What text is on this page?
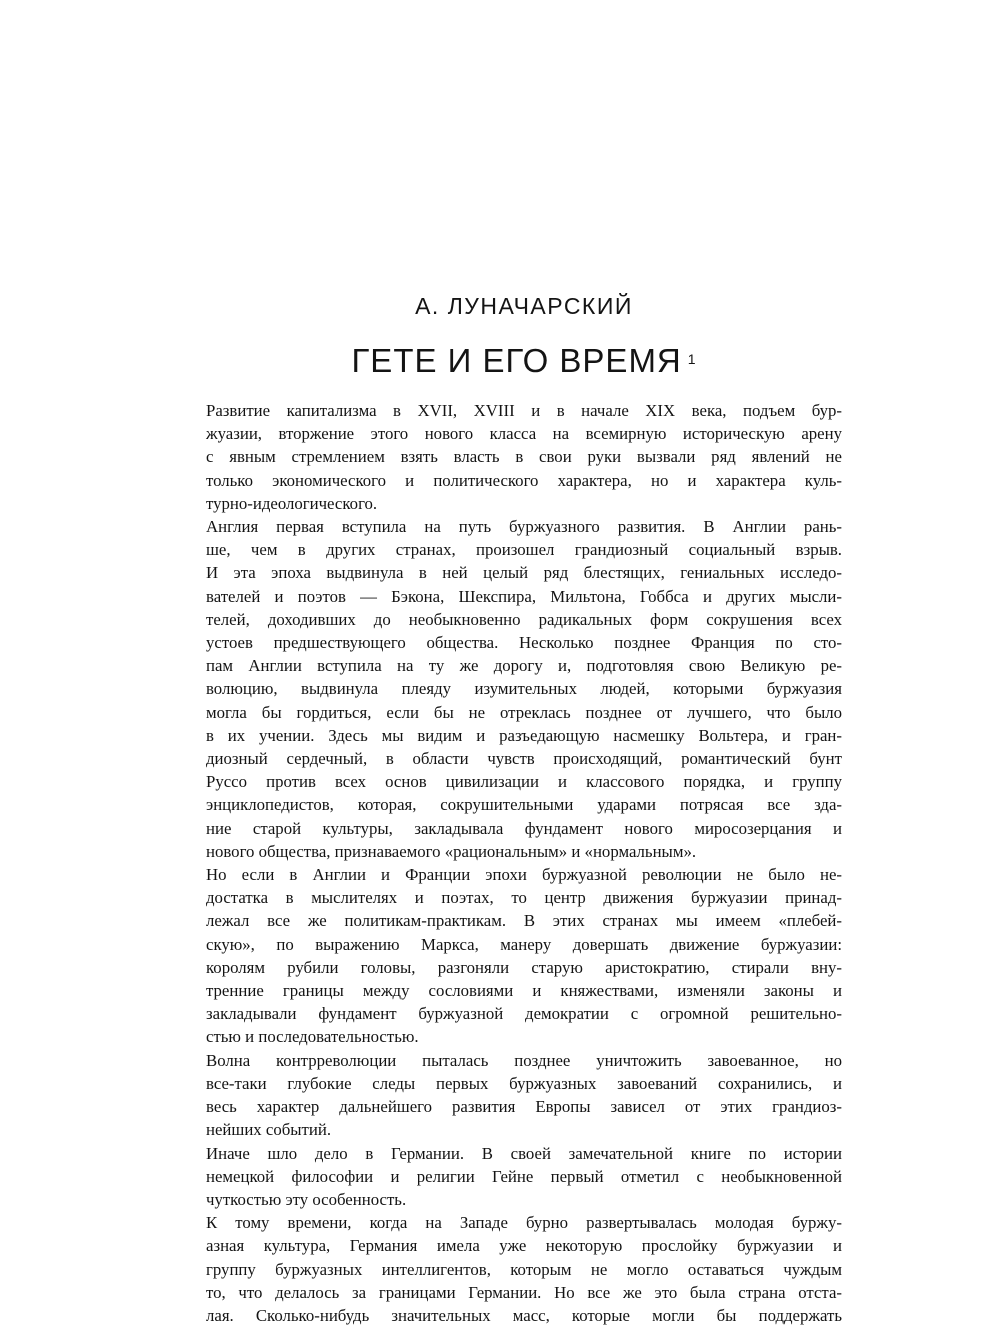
А. ЛУНАЧАРСКИЙ
ГЕТЕ И ЕГО ВРЕМЯ $^1$

Развитие капитализма в XVII, XVIII и в начале XIX века, подъем бур-
жуазии, вторжение этого нового класса на всемирную историческую арену
с явным стремлением взять власть в свои руки вызвали ряд явлений не
только экономического и политического характера, но и характера куль-
турно-идеологического.

Англия первая вступила на путь буржуазного развития. В Англии рань-
ше, чем в других странах, произошел грандиозный социальный взрыв.
И эта эпоха выдвинула в ней целый ряд блестящих, гениальных исследо-
вателей и поэтов — Бэкона, Шекспира, Мильтона, Гоббса и других мысли-
телей, доходивших до необыкновенно радикальных форм сокрушения всех
устоев предшествующего общества. Несколько позднее Франция по сто-
пам Англии вступила на ту же дорогу и, подготовляя свою Великую ре-
волюцию, выдвинула плеяду изумительных людей, которыми буржуазия
могла бы гордиться, если бы не отреклась позднее от лучшего, что было
в их учении. Здесь мы видим и разъедающую насмешку Вольтера, и гран-
диозный сердечный, в области чувств происходящий, романтический бунт
Руссо против всех основ цивилизации и классового порядка, и группу
энциклопедистов, которая, сокрушительными ударами потрясая все зда-
ние старой культуры, закладывала фундамент нового миросозерцания и
нового общества, признаваемого «рациональным» и «нормальным».

Но если в Англии и Франции эпохи буржуазной революции не было не-
достатка в мыслителях и поэтах, то центр движения буржуазии принад-
лежал все же политикам-практикам. В этих странах мы имеем «плебей-
скую», по выражению Маркса, манеру довершать движение буржуазии:
королям рубили головы, разгоняли старую аристократию, стирали вну-
тренние границы между сословиями и княжествами, изменяли законы и
закладывали фундамент буржуазной демократии с огромной решительно-
стью и последовательностью.

Волна контрреволюции пыталась позднее уничтожить завоеванное, но
все-таки глубокие следы первых буржуазных завоеваний сохранились, и
весь характер дальнейшего развития Европы зависел от этих грандиоз-
нейших событий.

Иначе шло дело в Германии. В своей замечательной книге по истории
немецкой философии и религии Гейне первый отметил с необыкновенной
чуткостью эту особенность.

К тому времени, когда на Западе бурно развертывалась молодая буржу-
азная культура, Германия имела уже некоторую прослойку буржуазии и
группу буржуазных интеллигентов, которым не могло оставаться чуждым
то, что делалось за границами Германии. Но все же это была страна отста-
лая. Сколько-нибудь значительных масс, которые могли бы поддержать
